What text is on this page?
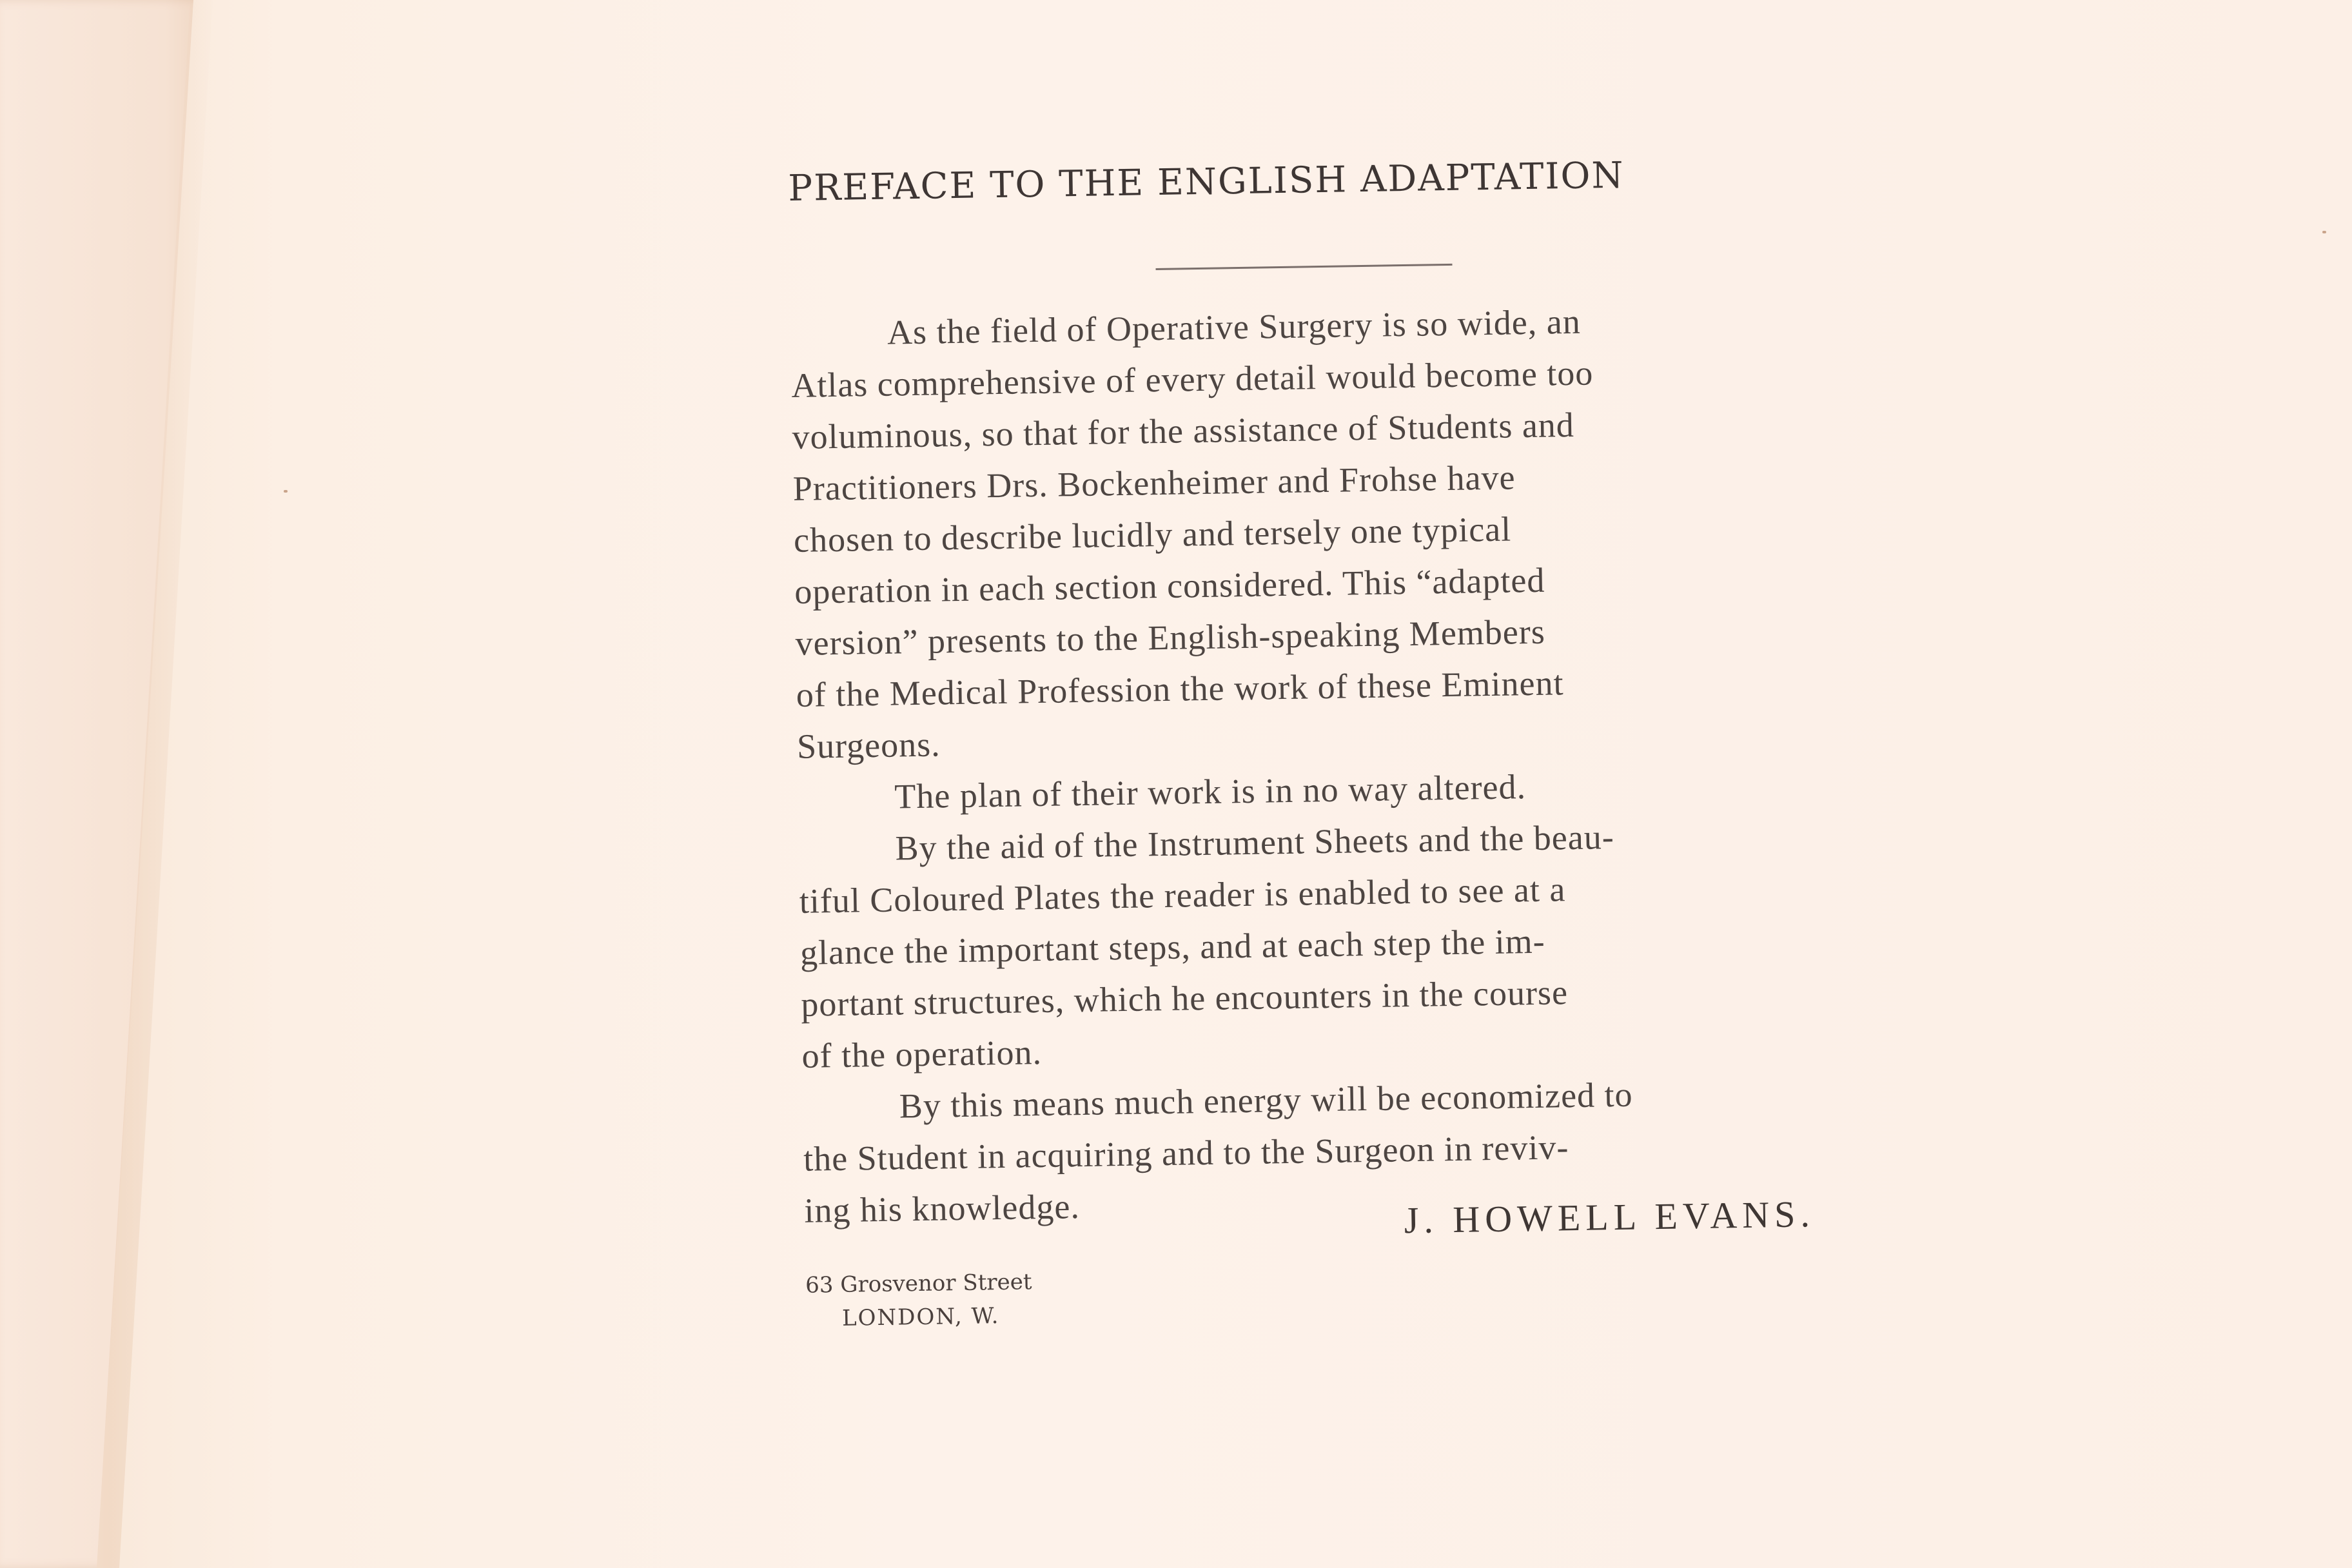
PREFACE TO THE ENGLISH ADAPTATION
As the field of Operative Surgery is so wide, an
Atlas comprehensive of every detail would become too
voluminous, so that for the assistance of Students and
Practitioners Drs. Bockenheimer and Frohse have
chosen to describe lucidly and tersely one typical
operation in each section considered. This “adapted
version” presents to the English-speaking Members
of the Medical Profession the work of these Eminent
Surgeons.
The plan of their work is in no way altered.
By the aid of the Instrument Sheets and the beau-
tiful Coloured Plates the reader is enabled to see at a
glance the important steps, and at each step the im-
portant structures, which he encounters in the course
of the operation.
By this means much energy will be economized to
the Student in acquiring and to the Surgeon in reviv-
ing his knowledge.	J. HOWELL EVANS.
63 Grosvenor Street
LONDON, W.
